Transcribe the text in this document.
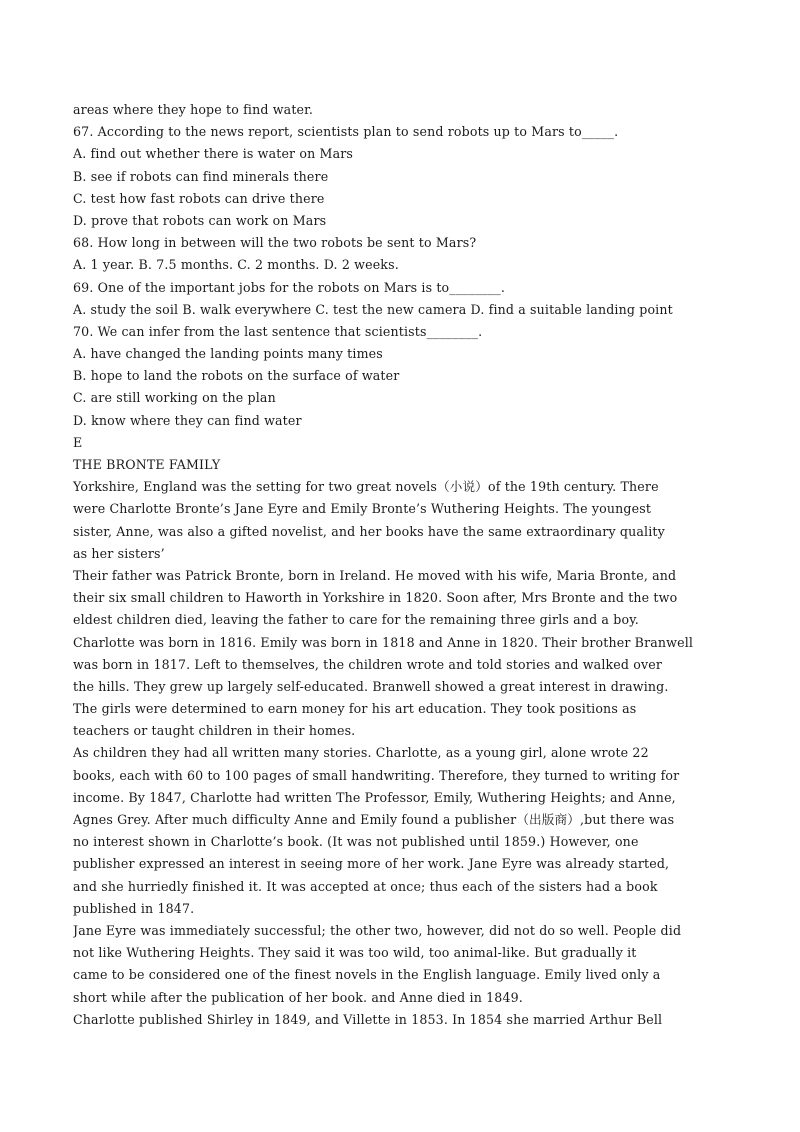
areas where they hope to find water.
67. According to the news report, scientists plan to send robots up to Mars to_____.
A. find out whether there is water on Mars
B. see if robots can find minerals there
C. test how fast robots can drive there
D. prove that robots can work on Mars
68. How long in between will the two robots be sent to Mars?
A. 1 year. B. 7.5 months. C. 2 months. D. 2 weeks.
69. One of the important jobs for the robots on Mars is to________.
A. study the soil B. walk everywhere C. test the new camera D. find a suitable landing point
70. We can infer from the last sentence that scientists________.
A. have changed the landing points many times
B. hope to land the robots on the surface of water
C. are still working on the plan
D. know where they can find water
E
THE BRONTE FAMILY
Yorkshire, England was the setting for two great novels（小说）of the 19th century. There
were Charlotte Bronte’s Jane Eyre and Emily Bronte’s Wuthering Heights. The youngest
sister, Anne, was also a gifted novelist, and her books have the same extraordinary quality
as her sisters’
Their father was Patrick Bronte, born in Ireland. He moved with his wife, Maria Bronte, and
their six small children to Haworth in Yorkshire in 1820. Soon after, Mrs Bronte and the two
eldest children died, leaving the father to care for the remaining three girls and a boy.
Charlotte was born in 1816. Emily was born in 1818 and Anne in 1820. Their brother Branwell
was born in 1817. Left to themselves, the children wrote and told stories and walked over
the hills. They grew up largely self-educated. Branwell showed a great interest in drawing.
The girls were determined to earn money for his art education. They took positions as
teachers or taught children in their homes.
As children they had all written many stories. Charlotte, as a young girl, alone wrote 22
books, each with 60 to 100 pages of small handwriting. Therefore, they turned to writing for
income. By 1847, Charlotte had written The Professor, Emily, Wuthering Heights; and Anne,
Agnes Grey. After much difficulty Anne and Emily found a publisher（出版商）,but there was
no interest shown in Charlotte’s book. (It was not published until 1859.) However, one
publisher expressed an interest in seeing more of her work. Jane Eyre was already started,
and she hurriedly finished it. It was accepted at once; thus each of the sisters had a book
published in 1847.
Jane Eyre was immediately successful; the other two, however, did not do so well. People did
not like Wuthering Heights. They said it was too wild, too animal-like. But gradually it
came to be considered one of the finest novels in the English language. Emily lived only a
short while after the publication of her book. and Anne died in 1849.
Charlotte published Shirley in 1849, and Villette in 1853. In 1854 she married Arthur Bell
